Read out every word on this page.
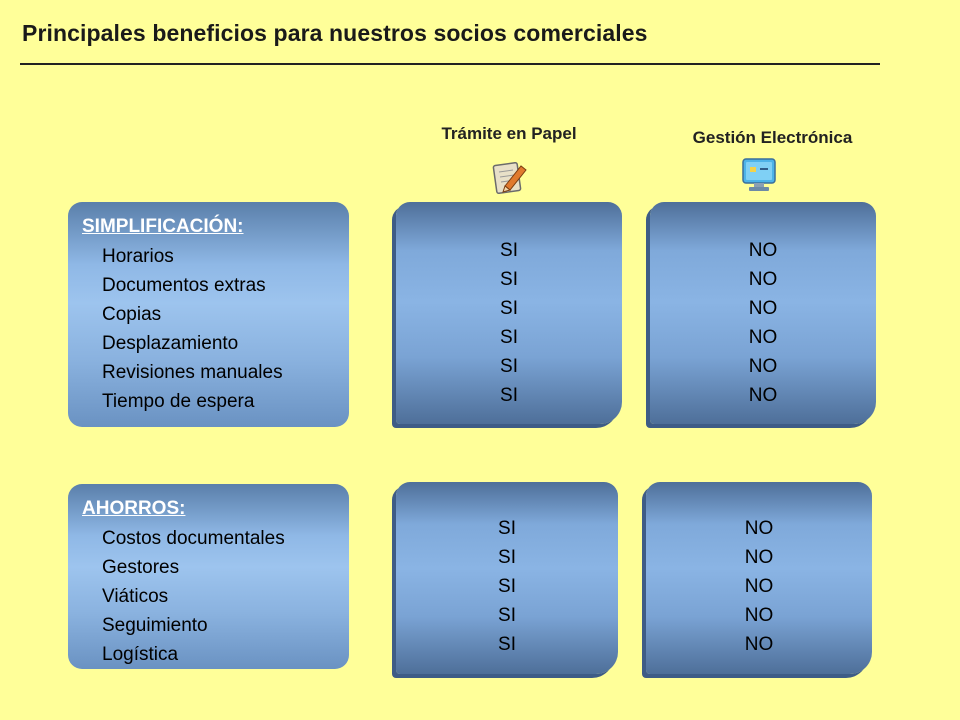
Principales beneficios para nuestros socios comerciales
Trámite en Papel	Gestión Electrónica
SIMPLIFICACIÓN:
Horarios
Documentos extras
Copias
Desplazamiento
Revisiones manuales
Tiempo de espera
SI
SI
SI
SI
SI
SI
NO
NO
NO
NO
NO
NO
AHORROS:
Costos documentales
Gestores
Viáticos
Seguimiento
Logística
SI
SI
SI
SI
SI
NO
NO
NO
NO
NO
